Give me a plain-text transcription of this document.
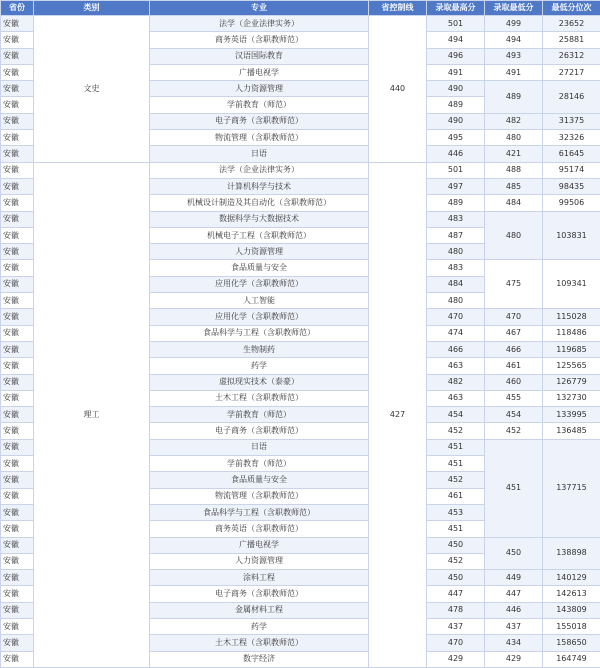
省份	类别	专业	省控制线	录取最高分	录取最低分	最低分位次
安徽	文史	法学（企业法律实务）	440	501	499	23652
安徽		商务英语（含职教师范）		494	494	25881
安徽		汉语国际教育		496	493	26312
安徽		广播电视学		491	491	27217
安徽		人力资源管理		490	489	28146
安徽		学前教育（师范）		489		
安徽		电子商务（含职教师范）		490	482	31375
安徽		物流管理（含职教师范）		495	480	32326
安徽		日语		446	421	61645
安徽	理工	法学（企业法律实务）	427	501	488	95174
安徽		计算机科学与技术		497	485	98435
安徽		机械设计制造及其自动化（含职教师范）		489	484	99506
安徽		数据科学与大数据技术		483	480	103831
安徽		机械电子工程（含职教师范）		487		
安徽		人力资源管理		480		
安徽		食品质量与安全		483	475	109341
安徽		应用化学（含职教师范）		484		
安徽		人工智能		480		
安徽		应用化学（含职教师范）		470	470	115028
安徽		食品科学与工程（含职教师范）		474	467	118486
安徽		生物制药		466	466	119685
安徽		药学		463	461	125565
安徽		虚拟现实技术（泰豪）		482	460	126779
安徽		土木工程（含职教师范）		463	455	132730
安徽		学前教育（师范）		454	454	133995
安徽		电子商务（含职教师范）		452	452	136485
安徽		日语		451	451	137715
安徽		学前教育（师范）		451		
安徽		食品质量与安全		452		
安徽		物流管理（含职教师范）		461		
安徽		食品科学与工程（含职教师范）		453		
安徽		商务英语（含职教师范）		451		
安徽		广播电视学		450	450	138898
安徽		人力资源管理		452		
安徽		涂料工程		450	449	140129
安徽		电子商务（含职教师范）		447	447	142613
安徽		金属材料工程		478	446	143809
安徽		药学		437	437	155018
安徽		土木工程（含职教师范）		470	434	158650
安徽		数字经济		429	429	164749
